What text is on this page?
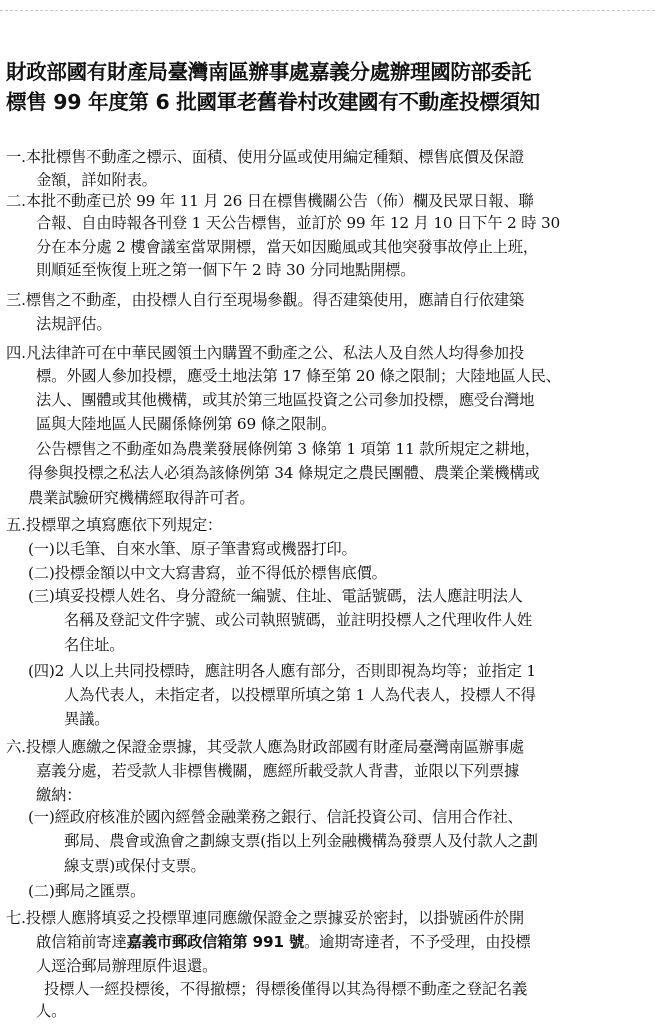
財政部國有財產局臺灣南區辦事處嘉義分處辦理國防部委託
標售 99 年度第 6 批國軍老舊眷村改建國有不動產投標須知
一.本批標售不動產之標示、面積、使用分區或使用編定種類、標售底價及保證
金額，詳如附表。
二.本批不動產已於 99 年 11 月 26 日在標售機關公告（佈）欄及民眾日報、聯
合報、自由時報各刊登 1 天公告標售，並訂於 99 年 12 月 10 日下午 2 時 30
分在本分處 2 樓會議室當眾開標，當天如因颱風或其他突發事故停止上班，
則順延至恢復上班之第一個下午 2 時 30 分同地點開標。
三.標售之不動產，由投標人自行至現場參觀。得否建築使用，應請自行依建築
法規評估。
四.凡法律許可在中華民國領土內購置不動產之公、私法人及自然人均得參加投
標。外國人參加投標，應受土地法第 17 條至第 20 條之限制；大陸地區人民、
法人、團體或其他機構，或其於第三地區投資之公司參加投標，應受台灣地
區與大陸地區人民關係條例第 69 條之限制。
公告標售之不動產如為農業發展條例第 3 條第 1 項第 11 款所規定之耕地，
得參與投標之私法人必須為該條例第 34 條規定之農民團體、農業企業機構或
農業試驗研究機構經取得許可者。
五.投標單之填寫應依下列規定：
(一)以毛筆、自來水筆、原子筆書寫或機器打印。
(二)投標金額以中文大寫書寫，並不得低於標售底價。
(三)填妥投標人姓名、身分證統一編號、住址、電話號碼，法人應註明法人
名稱及登記文件字號、或公司執照號碼，並註明投標人之代理收件人姓
名住址。
(四)2 人以上共同投標時，應註明各人應有部分，否則即視為均等；並指定 1
人為代表人，未指定者，以投標單所填之第 1 人為代表人，投標人不得
異議。
六.投標人應繳之保證金票據，其受款人應為財政部國有財產局臺灣南區辦事處
嘉義分處，若受款人非標售機關，應經所載受款人背書，並限以下列票據
繳納：
(一)經政府核准於國內經營金融業務之銀行、信託投資公司、信用合作社、
郵局、農會或漁會之劃線支票(指以上列金融機構為發票人及付款人之劃
線支票)或保付支票。
(二)郵局之匯票。
七.投標人應將填妥之投標單連同應繳保證金之票據妥於密封，以掛號函件於開
啟信箱前寄達嘉義市郵政信箱第 991 號。逾期寄達者，不予受理，由投標
人逕洽郵局辦理原件退還。
投標人一經投標後，不得撤標；得標後僅得以其為得標不動產之登記名義
人。
